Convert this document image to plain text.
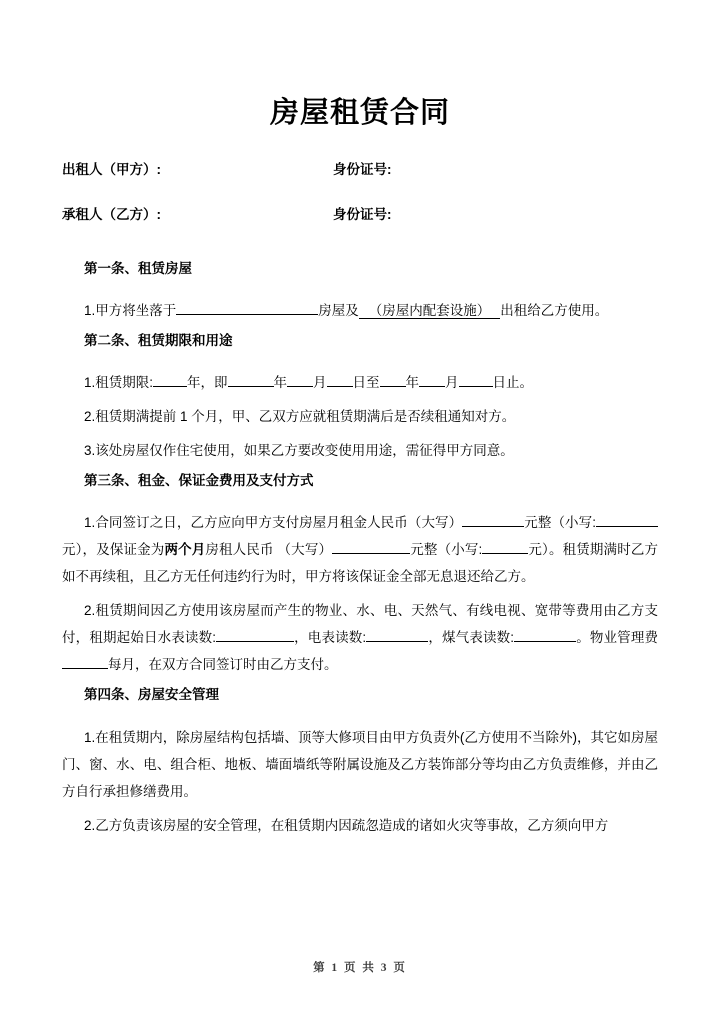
房屋租赁合同
出租人（甲方）:	身份证号:
承租人（乙方）:	身份证号:
第一条、租赁房屋

1.甲方将坐落于	房屋及 （房屋内配套设施） 出租给乙方使用。

第二条、租赁期限和用途

1.租赁期限:	年，即	年 月 日至 年 月	日止。

2.租赁期满提前 1 个月，甲、乙双方应就租赁期满后是否续租通知对方。

3.该处房屋仅作住宅使用，如果乙方要改变使用用途，需征得甲方同意。

第三条、租金、保证金费用及支付方式

1.合同签订之日，乙方应向甲方支付房屋月租金人民币（大写）	元整（小写:元），及保证金为两个月房租人民币 （大写）	元整（小写:	元）。租赁期满时乙方如不再续租，且乙方无任何违约行为时，甲方将该保证金全部无息退还给乙方。

2.租赁期间因乙方使用该房屋而产生的物业、水、电、天然气、有线电视、宽带等费用由乙方支付，租期起始日水表读数:	，电表读数:	，煤气表读数:	。物业管理费每月，在双方合同签订时由乙方支付。

第四条、房屋安全管理

1.在租赁期内，除房屋结构包括墙、顶等大修项目由甲方负责外(乙方使用不当除外)，其它如房屋门、窗、水、电、组合柜、地板、墙面墙纸等附属设施及乙方装饰部分等均由乙方负责维修，并由乙方自行承担修缮费用。

2.乙方负责该房屋的安全管理，在租赁期内因疏忽造成的诸如火灾等事故，乙方须向甲方

第 1 页 共 3 页
